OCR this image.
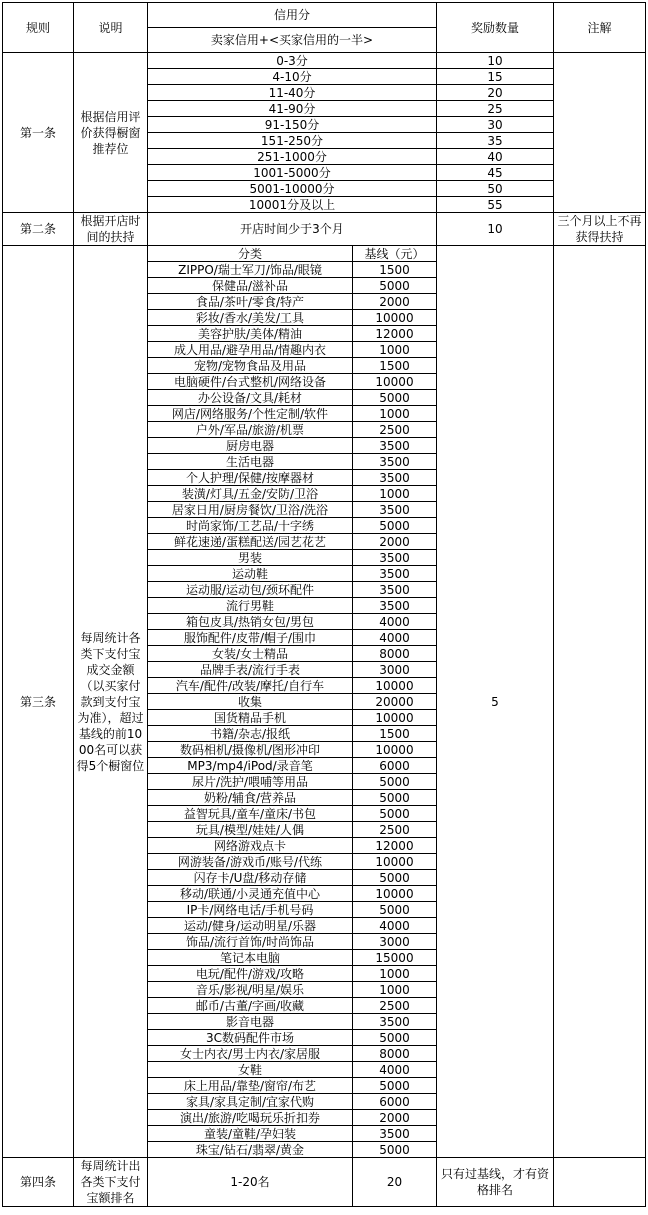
规则	说明	信用分		奖励数量	注解
		卖家信用+<买家信用的一半>			
第一条	根据信用评价获得橱窗推荐位	0-3分		10	
		4-10分		15	
		11-40分		20	
		41-90分		25	
		91-150分		30	
		151-250分		35	
		251-1000分		40	
		1001-5000分		45	
		5001-10000分		50	
		10001分及以上		55	
第二条	根据开店时间的扶持	开店时间少于3个月		10	三个月以上不再获得扶持
第三条	每周统计各类下支付宝成交金额（以买家付款到支付宝为准），超过基线的前1000名可以获得5个橱窗位	分类	基线（元）	5	
		ZIPPO/瑞士军刀/饰品/眼镜	1500		
		保健品/滋补品	5000		
		食品/茶叶/零食/特产	2000		
		彩妆/香水/美发/工具	10000		
		美容护肤/美体/精油	12000		
		成人用品/避孕用品/情趣内衣	1000		
		宠物/宠物食品及用品	1500		
		电脑硬件/台式整机/网络设备	10000		
		办公设备/文具/耗材	5000		
		网店/网络服务/个性定制/软件	1000		
		户外/军品/旅游/机票	2500		
		厨房电器	3500		
		生活电器	3500		
		个人护理/保健/按摩器材	3500		
		装潢/灯具/五金/安防/卫浴	1000		
		居家日用/厨房餐饮/卫浴/洗浴	3500		
		时尚家饰/工艺品/十字绣	5000		
		鲜花速递/蛋糕配送/园艺花艺	2000		
		男装	3500		
		运动鞋	3500		
		运动服/运动包/颈环配件	3500		
		流行男鞋	3500		
		箱包皮具/热销女包/男包	4000		
		服饰配件/皮带/帽子/围巾	4000		
		女装/女士精品	8000		
		品牌手表/流行手表	3000		
		汽车/配件/改装/摩托/自行车	10000		
		收集	20000		
		国货精品手机	10000		
		书籍/杂志/报纸	1500		
		数码相机/摄像机/图形冲印	10000		
		MP3/mp4/iPod/录音笔	6000		
		尿片/洗护/喂哺等用品	5000		
		奶粉/辅食/营养品	5000		
		益智玩具/童车/童床/书包	5000		
		玩具/模型/娃娃/人偶	2500		
		网络游戏点卡	12000		
		网游装备/游戏币/账号/代练	10000		
		闪存卡/U盘/移动存储	5000		
		移动/联通/小灵通充值中心	10000		
		IP卡/网络电话/手机号码	5000		
		运动/健身/运动明星/乐器	4000		
		饰品/流行首饰/时尚饰品	3000		
		笔记本电脑	15000		
		电玩/配件/游戏/攻略	1000		
		音乐/影视/明星/娱乐	1000		
		邮币/古董/字画/收藏	2500		
		影音电器	3500		
		3C数码配件市场	5000		
		女士内衣/男士内衣/家居服	8000		
		女鞋	4000		
		床上用品/靠垫/窗帘/布艺	5000		
		家具/家具定制/宜家代购	6000		
		演出/旅游/吃喝玩乐折扣券	2000		
		童装/童鞋/孕妇装	3500		
		珠宝/钻石/翡翠/黄金	5000		
第四条	每周统计出各类下支付宝额排名	1-20名	20	只有过基线，才有资格排名	
